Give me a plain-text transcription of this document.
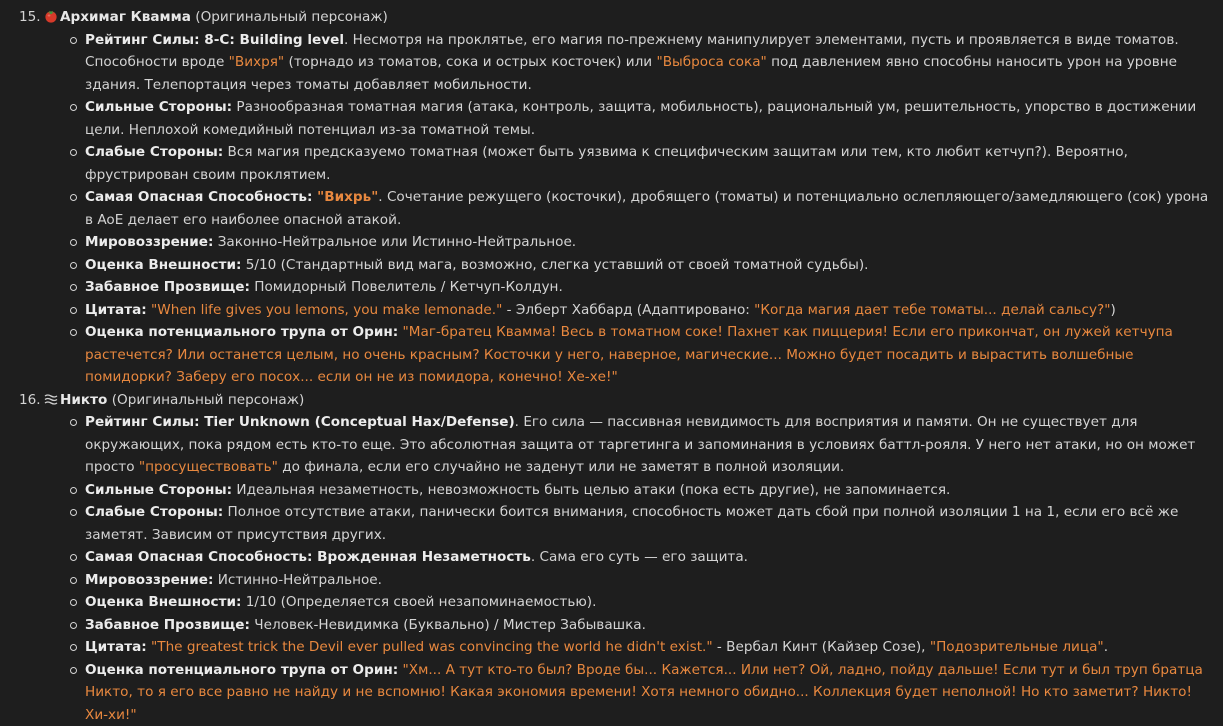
15. Архимаг Квамма (Оригинальный персонаж)
Рейтинг Силы: 8-C: Building level. Несмотря на проклятье, его магия по-прежнему манипулирует элементами, пусть и проявляется в виде томатов. Способности вроде "Вихря" (торнадо из томатов, сока и острых косточек) или "Выброса сока" под давлением явно способны наносить урон на уровне здания. Телепортация через томаты добавляет мобильности.
Сильные Стороны: Разнообразная томатная магия (атака, контроль, защита, мобильность), рациональный ум, решительность, упорство в достижении цели. Неплохой комедийный потенциал из-за томатной темы.
Слабые Стороны: Вся магия предсказуемо томатная (может быть уязвима к специфическим защитам или тем, кто любит кетчуп?). Вероятно, фрустрирован своим проклятием.
Самая Опасная Способность: "Вихрь". Сочетание режущего (косточки), дробящего (томаты) и потенциально ослепляющего/замедляющего (сок) урона в AoE делает его наиболее опасной атакой.
Мировоззрение: Законно-Нейтральное или Истинно-Нейтральное.
Оценка Внешности: 5/10 (Стандартный вид мага, возможно, слегка уставший от своей томатной судьбы).
Забавное Прозвище: Помидорный Повелитель / Кетчуп-Колдун.
Цитата: "When life gives you lemons, you make lemonade." - Элберт Хаббард (Адаптировано: "Когда магия дает тебе томаты... делай сальсу?")
Оценка потенциального трупа от Орин: "Маг-братец Квамма! Весь в томатном соке! Пахнет как пиццерия! Если его прикончат, он лужей кетчупа растечется? Или останется целым, но очень красным? Косточки у него, наверное, магические... Можно будет посадить и вырастить волшебные помидорки? Заберу его посох... если он не из помидора, конечно! Хе-хе!"
16. Никто (Оригинальный персонаж)
Рейтинг Силы: Tier Unknown (Conceptual Hax/Defense). Его сила — пассивная невидимость для восприятия и памяти. Он не существует для окружающих, пока рядом есть кто-то еще. Это абсолютная защита от таргетинга и запоминания в условиях баттл-рояля. У него нет атаки, но он может просто "просуществовать" до финала, если его случайно не заденут или не заметят в полной изоляции.
Сильные Стороны: Идеальная незаметность, невозможность быть целью атаки (пока есть другие), не запоминается.
Слабые Стороны: Полное отсутствие атаки, панически боится внимания, способность может дать сбой при полной изоляции 1 на 1, если его всё же заметят. Зависим от присутствия других.
Самая Опасная Способность: Врожденная Незаметность. Сама его суть — его защита.
Мировоззрение: Истинно-Нейтральное.
Оценка Внешности: 1/10 (Определяется своей незапоминаемостью).
Забавное Прозвище: Человек-Невидимка (Буквально) / Мистер Забывашка.
Цитата: "The greatest trick the Devil ever pulled was convincing the world he didn't exist." - Вербал Кинт (Кайзер Созе), "Подозрительные лица".
Оценка потенциального трупа от Орин: "Хм... А тут кто-то был? Вроде бы... Кажется... Или нет? Ой, ладно, пойду дальше! Если тут и был труп братца Никто, то я его все равно не найду и не вспомню! Какая экономия времени! Хотя немного обидно... Коллекция будет неполной! Но кто заметит? Никто! Хи-хи!"
